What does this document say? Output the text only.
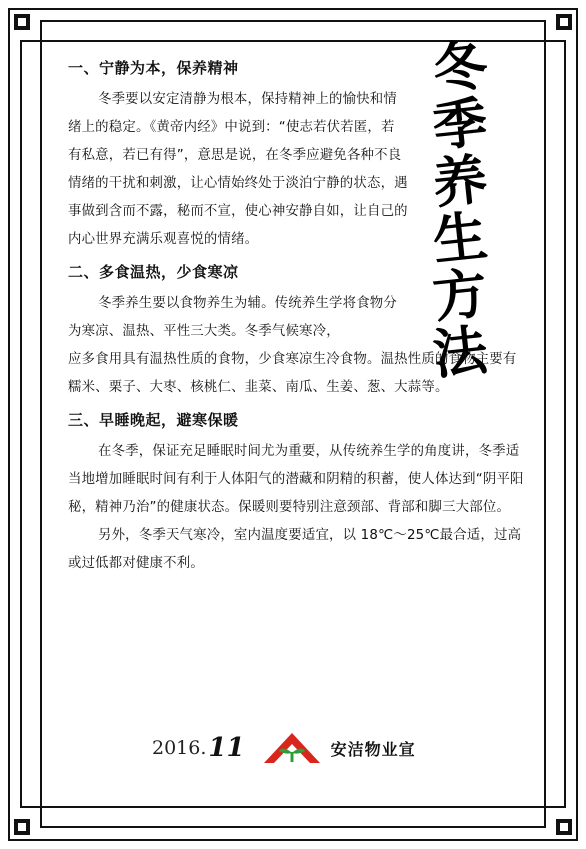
冬
季
养
生
方
法

一、宁静为本，保养精神

冬季要以安定清静为根本，保持精神上的愉快和情绪上的稳定。《黄帝内经》中说到：“使志若伏若匿，若有私意，若已有得”，意思是说，在冬季应避免各种不良情绪的干扰和刺激，让心情始终处于淡泊宁静的状态，遇事做到含而不露，秘而不宣，使心神安静自如，让自己的内心世界充满乐观喜悦的情绪。

二、多食温热，少食寒凉

冬季养生要以食物养生为辅。传统养生学将食物分为寒凉、温热、平性三大类。冬季气候寒冷，

应多食用具有温热性质的食物，少食寒凉生冷食物。温热性质的食物主要有糯米、栗子、大枣、核桃仁、韭菜、南瓜、生姜、葱、大蒜等。

三、早睡晚起，避寒保暖

在冬季，保证充足睡眠时间尤为重要，从传统养生学的角度讲，冬季适当地增加睡眠时间有利于人体阳气的潜藏和阴精的积蓄，使人体达到“阴平阳秘，精神乃治”的健康状态。保暖则要特别注意颈部、背部和脚三大部位。

另外，冬季天气寒冷，室内温度要适宜，以 18℃～25℃最合适，过高或过低都对健康不利。

2016. 11	安洁物业宣
